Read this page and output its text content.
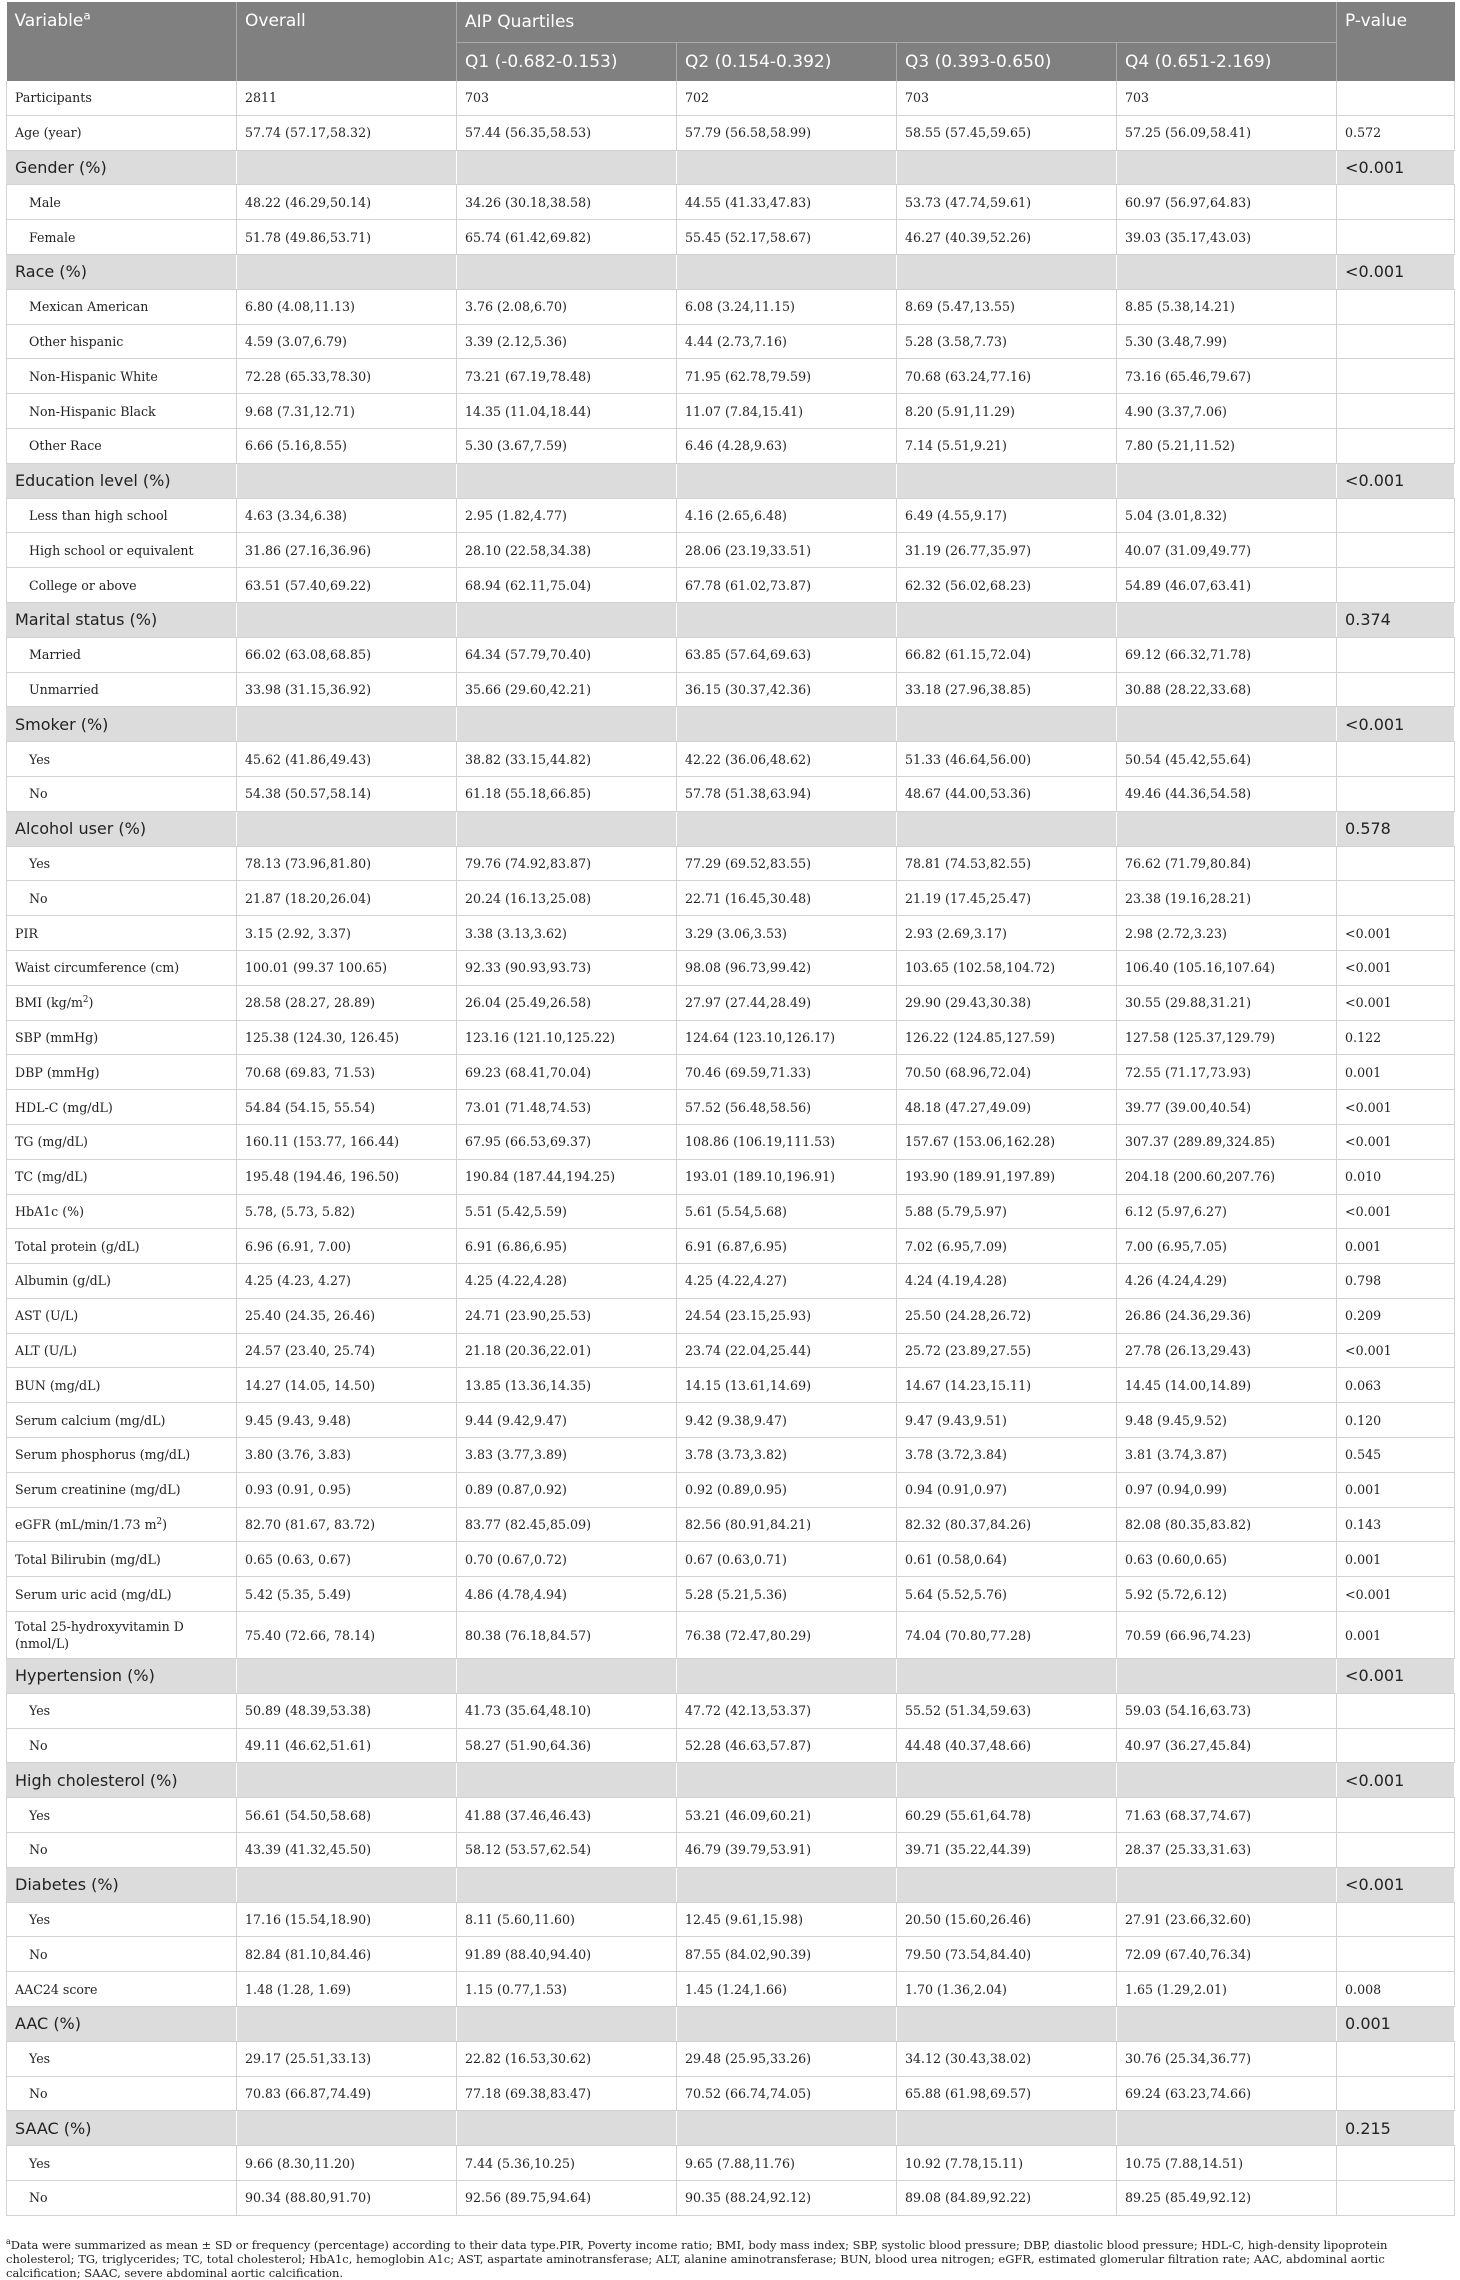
Variable$^a$	Overall	AIP Quartiles				P-value
		Q1 (-0.682-0.153)	Q2 (0.154-0.392)	Q3 (0.393-0.650)	Q4 (0.651-2.169)	
Participants	2811	703	702	703	703	
Age (year)	57.74 (57.17,58.32)	57.44 (56.35,58.53)	57.79 (56.58,58.99)	58.55 (57.45,59.65)	57.25 (56.09,58.41)	0.572
Gender (%)						<0.001
Male	48.22 (46.29,50.14)	34.26 (30.18,38.58)	44.55 (41.33,47.83)	53.73 (47.74,59.61)	60.97 (56.97,64.83)	
Female	51.78 (49.86,53.71)	65.74 (61.42,69.82)	55.45 (52.17,58.67)	46.27 (40.39,52.26)	39.03 (35.17,43.03)	
Race (%)						<0.001
Mexican American	6.80 (4.08,11.13)	3.76 (2.08,6.70)	6.08 (3.24,11.15)	8.69 (5.47,13.55)	8.85 (5.38,14.21)	
Other hispanic	4.59 (3.07,6.79)	3.39 (2.12,5.36)	4.44 (2.73,7.16)	5.28 (3.58,7.73)	5.30 (3.48,7.99)	
Non-Hispanic White	72.28 (65.33,78.30)	73.21 (67.19,78.48)	71.95 (62.78,79.59)	70.68 (63.24,77.16)	73.16 (65.46,79.67)	
Non-Hispanic Black	9.68 (7.31,12.71)	14.35 (11.04,18.44)	11.07 (7.84,15.41)	8.20 (5.91,11.29)	4.90 (3.37,7.06)	
Other Race	6.66 (5.16,8.55)	5.30 (3.67,7.59)	6.46 (4.28,9.63)	7.14 (5.51,9.21)	7.80 (5.21,11.52)	
Education level (%)						<0.001
Less than high school	4.63 (3.34,6.38)	2.95 (1.82,4.77)	4.16 (2.65,6.48)	6.49 (4.55,9.17)	5.04 (3.01,8.32)	
High school or equivalent	31.86 (27.16,36.96)	28.10 (22.58,34.38)	28.06 (23.19,33.51)	31.19 (26.77,35.97)	40.07 (31.09,49.77)	
College or above	63.51 (57.40,69.22)	68.94 (62.11,75.04)	67.78 (61.02,73.87)	62.32 (56.02,68.23)	54.89 (46.07,63.41)	
Marital status (%)						0.374
Married	66.02 (63.08,68.85)	64.34 (57.79,70.40)	63.85 (57.64,69.63)	66.82 (61.15,72.04)	69.12 (66.32,71.78)	
Unmarried	33.98 (31.15,36.92)	35.66 (29.60,42.21)	36.15 (30.37,42.36)	33.18 (27.96,38.85)	30.88 (28.22,33.68)	
Smoker (%)						<0.001
Yes	45.62 (41.86,49.43)	38.82 (33.15,44.82)	42.22 (36.06,48.62)	51.33 (46.64,56.00)	50.54 (45.42,55.64)	
No	54.38 (50.57,58.14)	61.18 (55.18,66.85)	57.78 (51.38,63.94)	48.67 (44.00,53.36)	49.46 (44.36,54.58)	
Alcohol user (%)						0.578
Yes	78.13 (73.96,81.80)	79.76 (74.92,83.87)	77.29 (69.52,83.55)	78.81 (74.53,82.55)	76.62 (71.79,80.84)	
No	21.87 (18.20,26.04)	20.24 (16.13,25.08)	22.71 (16.45,30.48)	21.19 (17.45,25.47)	23.38 (19.16,28.21)	
PIR	3.15 (2.92, 3.37)	3.38 (3.13,3.62)	3.29 (3.06,3.53)	2.93 (2.69,3.17)	2.98 (2.72,3.23)	<0.001
Waist circumference (cm)	100.01 (99.37 100.65)	92.33 (90.93,93.73)	98.08 (96.73,99.42)	103.65 (102.58,104.72)	106.40 (105.16,107.64)	<0.001
BMI $(kg/m^2)$	28.58 (28.27, 28.89)	26.04 (25.49,26.58)	27.97 (27.44,28.49)	29.90 (29.43,30.38)	30.55 (29.88,31.21)	<0.001
SBP (mmHg)	125.38 (124.30, 126.45)	123.16 (121.10,125.22)	124.64 (123.10,126.17)	126.22 (124.85,127.59)	127.58 (125.37,129.79)	0.122
DBP (mmHg)	70.68 (69.83, 71.53)	69.23 (68.41,70.04)	70.46 (69.59,71.33)	70.50 (68.96,72.04)	72.55 (71.17,73.93)	0.001
HDL-C (mg/dL)	54.84 (54.15, 55.54)	73.01 (71.48,74.53)	57.52 (56.48,58.56)	48.18 (47.27,49.09)	39.77 (39.00,40.54)	<0.001
TG (mg/dL)	160.11 (153.77, 166.44)	67.95 (66.53,69.37)	108.86 (106.19,111.53)	157.67 (153.06,162.28)	307.37 (289.89,324.85)	<0.001
TC (mg/dL)	195.48 (194.46, 196.50)	190.84 (187.44,194.25)	193.01 (189.10,196.91)	193.90 (189.91,197.89)	204.18 (200.60,207.76)	0.010
HbA1c (%)	5.78, (5.73, 5.82)	5.51 (5.42,5.59)	5.61 (5.54,5.68)	5.88 (5.79,5.97)	6.12 (5.97,6.27)	<0.001
Total protein (g/dL)	6.96 (6.91, 7.00)	6.91 (6.86,6.95)	6.91 (6.87,6.95)	7.02 (6.95,7.09)	7.00 (6.95,7.05)	0.001
Albumin (g/dL)	4.25 (4.23, 4.27)	4.25 (4.22,4.28)	4.25 (4.22,4.27)	4.24 (4.19,4.28)	4.26 (4.24,4.29)	0.798
AST (U/L)	25.40 (24.35, 26.46)	24.71 (23.90,25.53)	24.54 (23.15,25.93)	25.50 (24.28,26.72)	26.86 (24.36,29.36)	0.209
ALT (U/L)	24.57 (23.40, 25.74)	21.18 (20.36,22.01)	23.74 (22.04,25.44)	25.72 (23.89,27.55)	27.78 (26.13,29.43)	<0.001
BUN (mg/dL)	14.27 (14.05, 14.50)	13.85 (13.36,14.35)	14.15 (13.61,14.69)	14.67 (14.23,15.11)	14.45 (14.00,14.89)	0.063
Serum calcium (mg/dL)	9.45 (9.43, 9.48)	9.44 (9.42,9.47)	9.42 (9.38,9.47)	9.47 (9.43,9.51)	9.48 (9.45,9.52)	0.120
Serum phosphorus (mg/dL)	3.80 (3.76, 3.83)	3.83 (3.77,3.89)	3.78 (3.73,3.82)	3.78 (3.72,3.84)	3.81 (3.74,3.87)	0.545
Serum creatinine (mg/dL)	0.93 (0.91, 0.95)	0.89 (0.87,0.92)	0.92 (0.89,0.95)	0.94 (0.91,0.97)	0.97 (0.94,0.99)	0.001
eGFR (mL/min/1.73 $m^2$)	82.70 (81.67, 83.72)	83.77 (82.45,85.09)	82.56 (80.91,84.21)	82.32 (80.37,84.26)	82.08 (80.35,83.82)	0.143
Total Bilirubin (mg/dL)	0.65 (0.63, 0.67)	0.70 (0.67,0.72)	0.67 (0.63,0.71)	0.61 (0.58,0.64)	0.63 (0.60,0.65)	0.001
Serum uric acid (mg/dL)	5.42 (5.35, 5.49)	4.86 (4.78,4.94)	5.28 (5.21,5.36)	5.64 (5.52,5.76)	5.92 (5.72,6.12)	<0.001
Total 25-hydroxyvitamin D (nmol/L)	75.40 (72.66, 78.14)	80.38 (76.18,84.57)	76.38 (72.47,80.29)	74.04 (70.80,77.28)	70.59 (66.96,74.23)	0.001
Hypertension (%)						<0.001
Yes	50.89 (48.39,53.38)	41.73 (35.64,48.10)	47.72 (42.13,53.37)	55.52 (51.34,59.63)	59.03 (54.16,63.73)	
No	49.11 (46.62,51.61)	58.27 (51.90,64.36)	52.28 (46.63,57.87)	44.48 (40.37,48.66)	40.97 (36.27,45.84)	
High cholesterol (%)						<0.001
Yes	56.61 (54.50,58.68)	41.88 (37.46,46.43)	53.21 (46.09,60.21)	60.29 (55.61,64.78)	71.63 (68.37,74.67)	
No	43.39 (41.32,45.50)	58.12 (53.57,62.54)	46.79 (39.79,53.91)	39.71 (35.22,44.39)	28.37 (25.33,31.63)	
Diabetes (%)						<0.001
Yes	17.16 (15.54,18.90)	8.11 (5.60,11.60)	12.45 (9.61,15.98)	20.50 (15.60,26.46)	27.91 (23.66,32.60)	
No	82.84 (81.10,84.46)	91.89 (88.40,94.40)	87.55 (84.02,90.39)	79.50 (73.54,84.40)	72.09 (67.40,76.34)	
AAC24 score	1.48 (1.28, 1.69)	1.15 (0.77,1.53)	1.45 (1.24,1.66)	1.70 (1.36,2.04)	1.65 (1.29,2.01)	0.008
AAC (%)						0.001
Yes	29.17 (25.51,33.13)	22.82 (16.53,30.62)	29.48 (25.95,33.26)	34.12 (30.43,38.02)	30.76 (25.34,36.77)	
No	70.83 (66.87,74.49)	77.18 (69.38,83.47)	70.52 (66.74,74.05)	65.88 (61.98,69.57)	69.24 (63.23,74.66)	
SAAC (%)						0.215
Yes	9.66 (8.30,11.20)	7.44 (5.36,10.25)	9.65 (7.88,11.76)	10.92 (7.78,15.11)	10.75 (7.88,14.51)	
No	90.34 (88.80,91.70)	92.56 (89.75,94.64)	90.35 (88.24,92.12)	89.08 (84.89,92.22)	89.25 (85.49,92.12)	
$^a$Data were summarized as mean ± SD or frequency (percentage) according to their data type.PIR, Poverty income ratio; BMI, body mass index; SBP, systolic blood pressure; DBP, diastolic blood pressure; HDL-C, high-density lipoprotein cholesterol; TG, triglycerides; TC, total cholesterol; HbA1c, hemoglobin A1c; AST, aspartate aminotransferase; ALT, alanine aminotransferase; BUN, blood urea nitrogen; eGFR, estimated glomerular filtration rate; AAC, abdominal aortic calcification; SAAC, severe abdominal aortic calcification.
